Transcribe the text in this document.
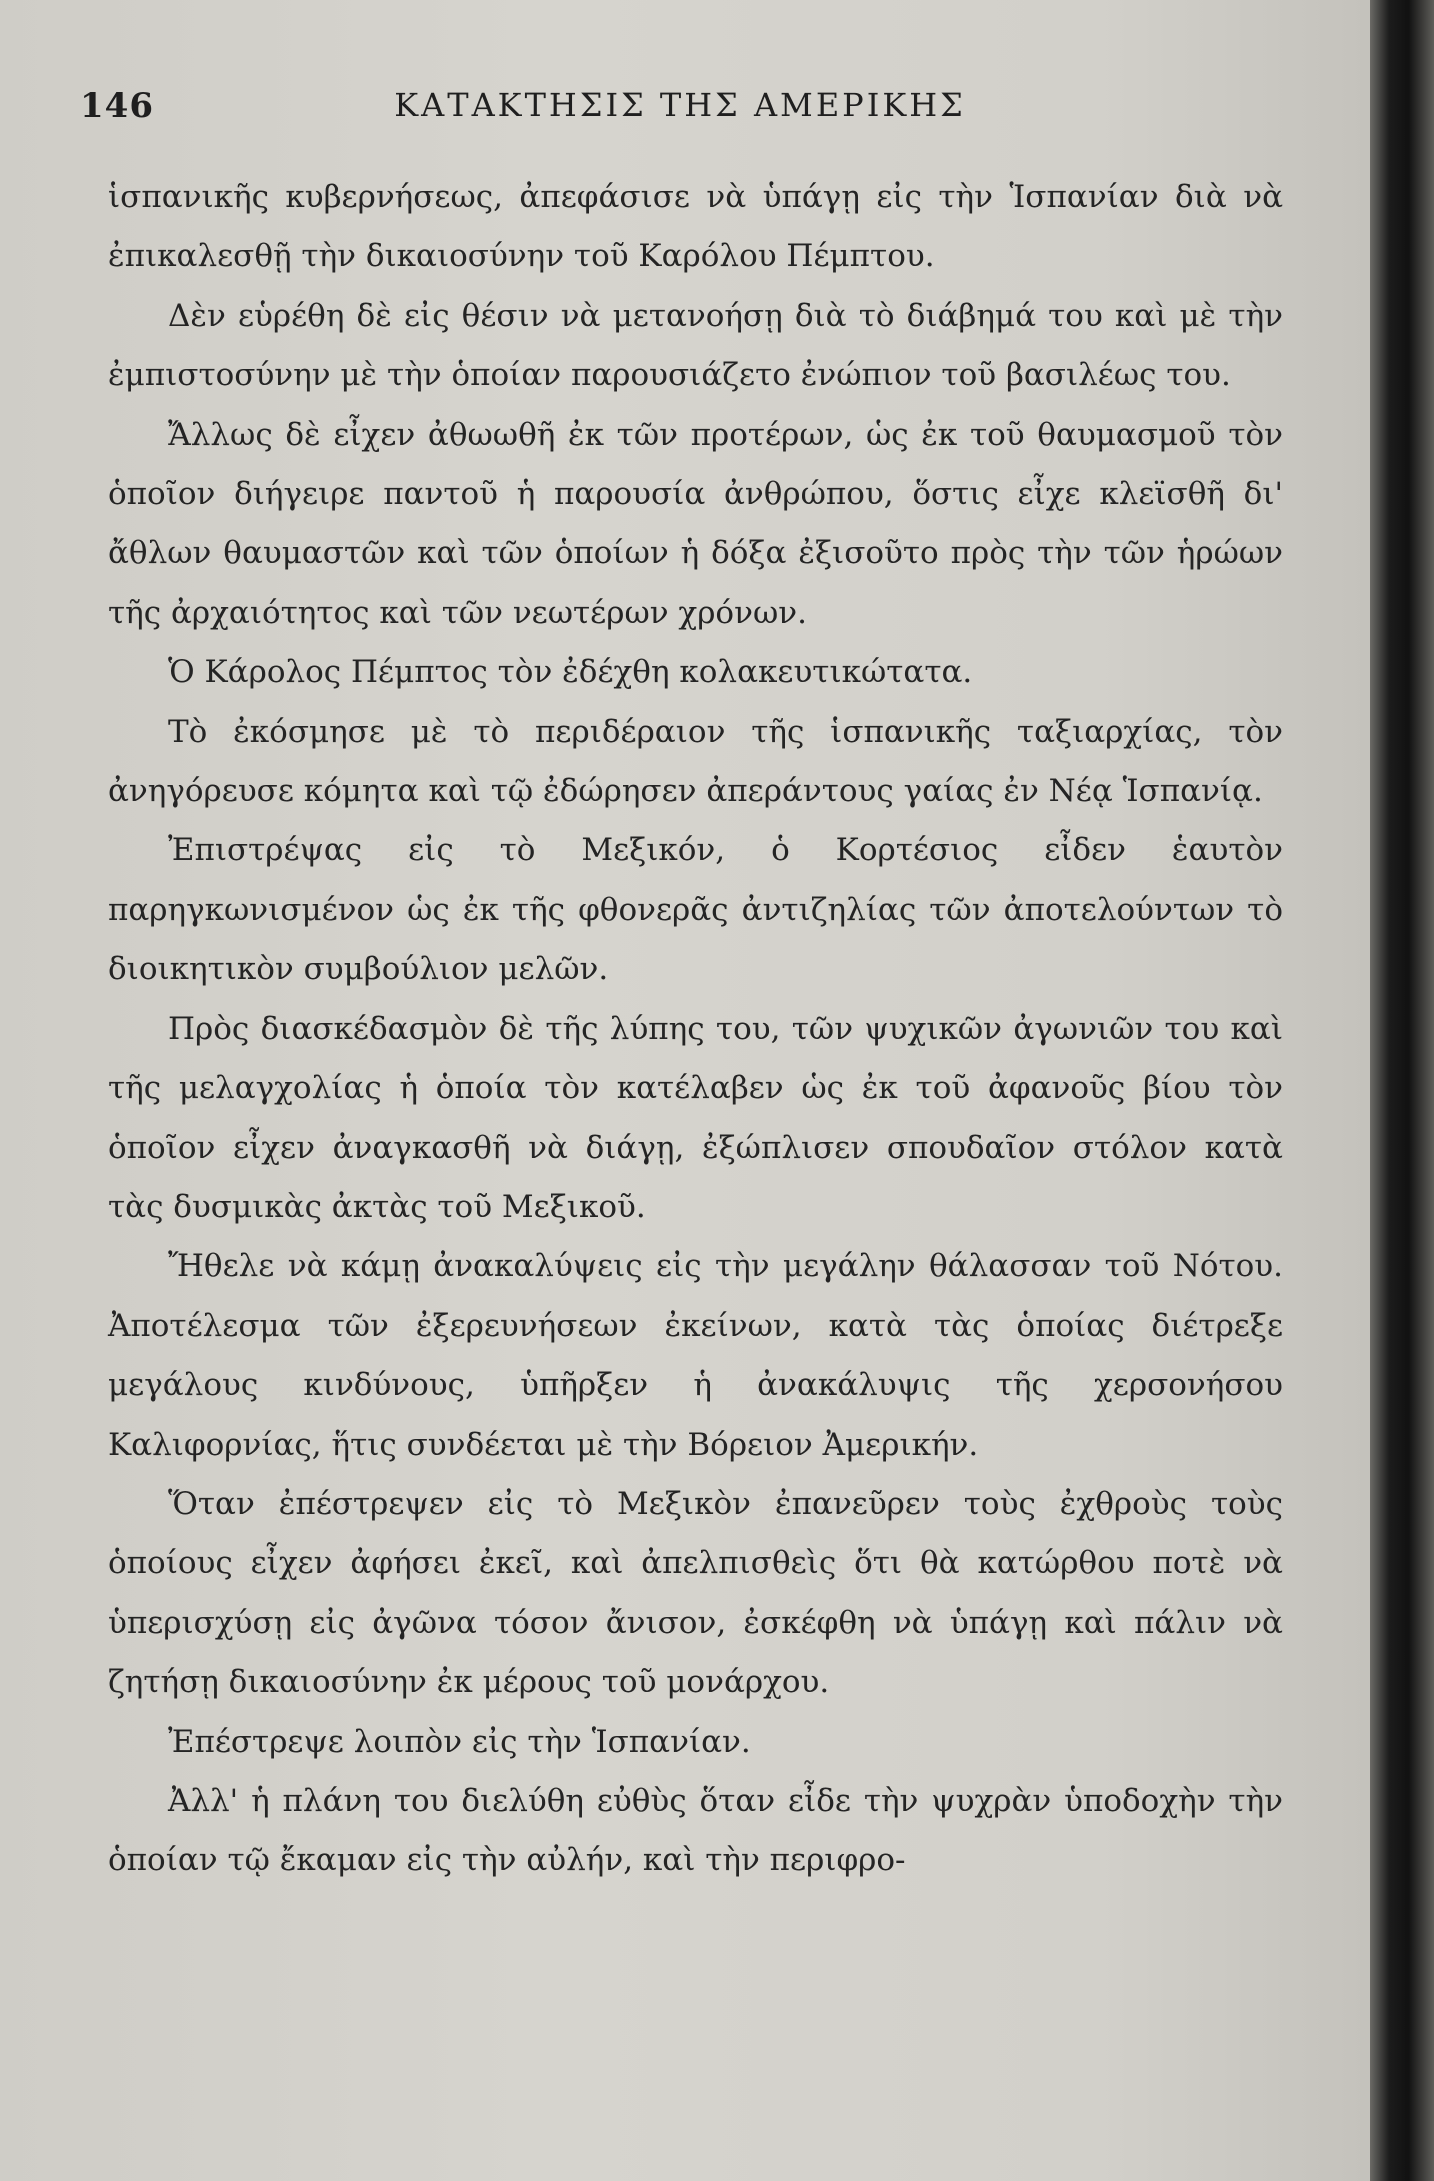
146	ΚΑΤΑΚΤΗΣΙΣ ΤΗΣ ΑΜΕΡΙΚΗΣ

ἱσπανικῆς κυβερνήσεως, ἀπεφάσισε νὰ ὑπάγῃ εἰς τὴν Ἱσπανίαν διὰ νὰ ἐπικαλεσθῇ τὴν δικαιοσύνην τοῦ Καρόλου Πέμπτου.

Δὲν εὑρέθη δὲ εἰς θέσιν νὰ μετανοήσῃ διὰ τὸ διάβημά του καὶ μὲ τὴν ἐμπιστοσύνην μὲ τὴν ὁποίαν παρουσιάζετο ἐνώπιον τοῦ βασιλέως του.

Ἄλλως δὲ εἶχεν ἀθωωθῆ ἐκ τῶν προτέρων, ὡς ἐκ τοῦ θαυμασμοῦ τὸν ὁποῖον διήγειρε παντοῦ ἡ παρουσία ἀνθρώπου, ὅστις εἶχε κλεϊσθῆ δι' ἄθλων θαυμαστῶν καὶ τῶν ὁποίων ἡ δόξα ἐξισοῦτο πρὸς τὴν τῶν ἡρώων τῆς ἀρχαιότητος καὶ τῶν νεωτέρων χρόνων.

Ὁ Κάρολος Πέμπτος τὸν ἐδέχθη κολακευτικώτατα.

Τὸ ἐκόσμησε μὲ τὸ περιδέραιον τῆς ἱσπανικῆς ταξιαρχίας, τὸν ἀνηγόρευσε κόμητα καὶ τῷ ἐδώρησεν ἀπεράντους γαίας ἐν Νέᾳ Ἱσπανίᾳ.

Ἐπιστρέψας εἰς τὸ Μεξικόν, ὁ Κορτέσιος εἶδεν ἑαυτὸν παρηγκωνισμένον ὡς ἐκ τῆς φθονερᾶς ἀντιζηλίας τῶν ἀποτελούντων τὸ διοικητικὸν συμβούλιον μελῶν.

Πρὸς διασκέδασμὸν δὲ τῆς λύπης του, τῶν ψυχικῶν ἀγωνιῶν του καὶ τῆς μελαγχολίας ἡ ὁποία τὸν κατέλαβεν ὡς ἐκ τοῦ ἀφανοῦς βίου τὸν ὁποῖον εἶχεν ἀναγκασθῆ νὰ διάγῃ, ἐξώπλισεν σπουδαῖον στόλον κατὰ τὰς δυσμικὰς ἀκτὰς τοῦ Μεξικοῦ.

Ἤθελε νὰ κάμῃ ἀνακαλύψεις εἰς τὴν μεγάλην θάλασσαν τοῦ Νότου. Ἀποτέλεσμα τῶν ἐξερευνήσεων ἐκείνων, κατὰ τὰς ὁποίας διέτρεξε μεγάλους κινδύνους, ὑπῆρξεν ἡ ἀνακάλυψις τῆς χερσονήσου Καλιφορνίας, ἥτις συνδέεται μὲ τὴν Βόρειον Ἀμερικήν.

Ὅταν ἐπέστρεψεν εἰς τὸ Μεξικὸν ἐπανεῦρεν τοὺς ἐχθροὺς τοὺς ὁποίους εἶχεν ἀφήσει ἐκεῖ, καὶ ἀπελπισθεὶς ὅτι θὰ κατώρθου ποτὲ νὰ ὑπερισχύσῃ εἰς ἀγῶνα τόσον ἄνισον, ἐσκέφθη νὰ ὑπάγῃ καὶ πάλιν νὰ ζητήσῃ δικαιοσύνην ἐκ μέρους τοῦ μονάρχου.

Ἐπέστρεψε λοιπὸν εἰς τὴν Ἱσπανίαν.

Ἀλλ' ἡ πλάνη του διελύθη εὐθὺς ὅταν εἶδε τὴν ψυχρὰν ὑποδοχὴν τὴν ὁποίαν τῷ ἔκαμαν εἰς τὴν αὐλήν, καὶ τὴν περιφρο-
